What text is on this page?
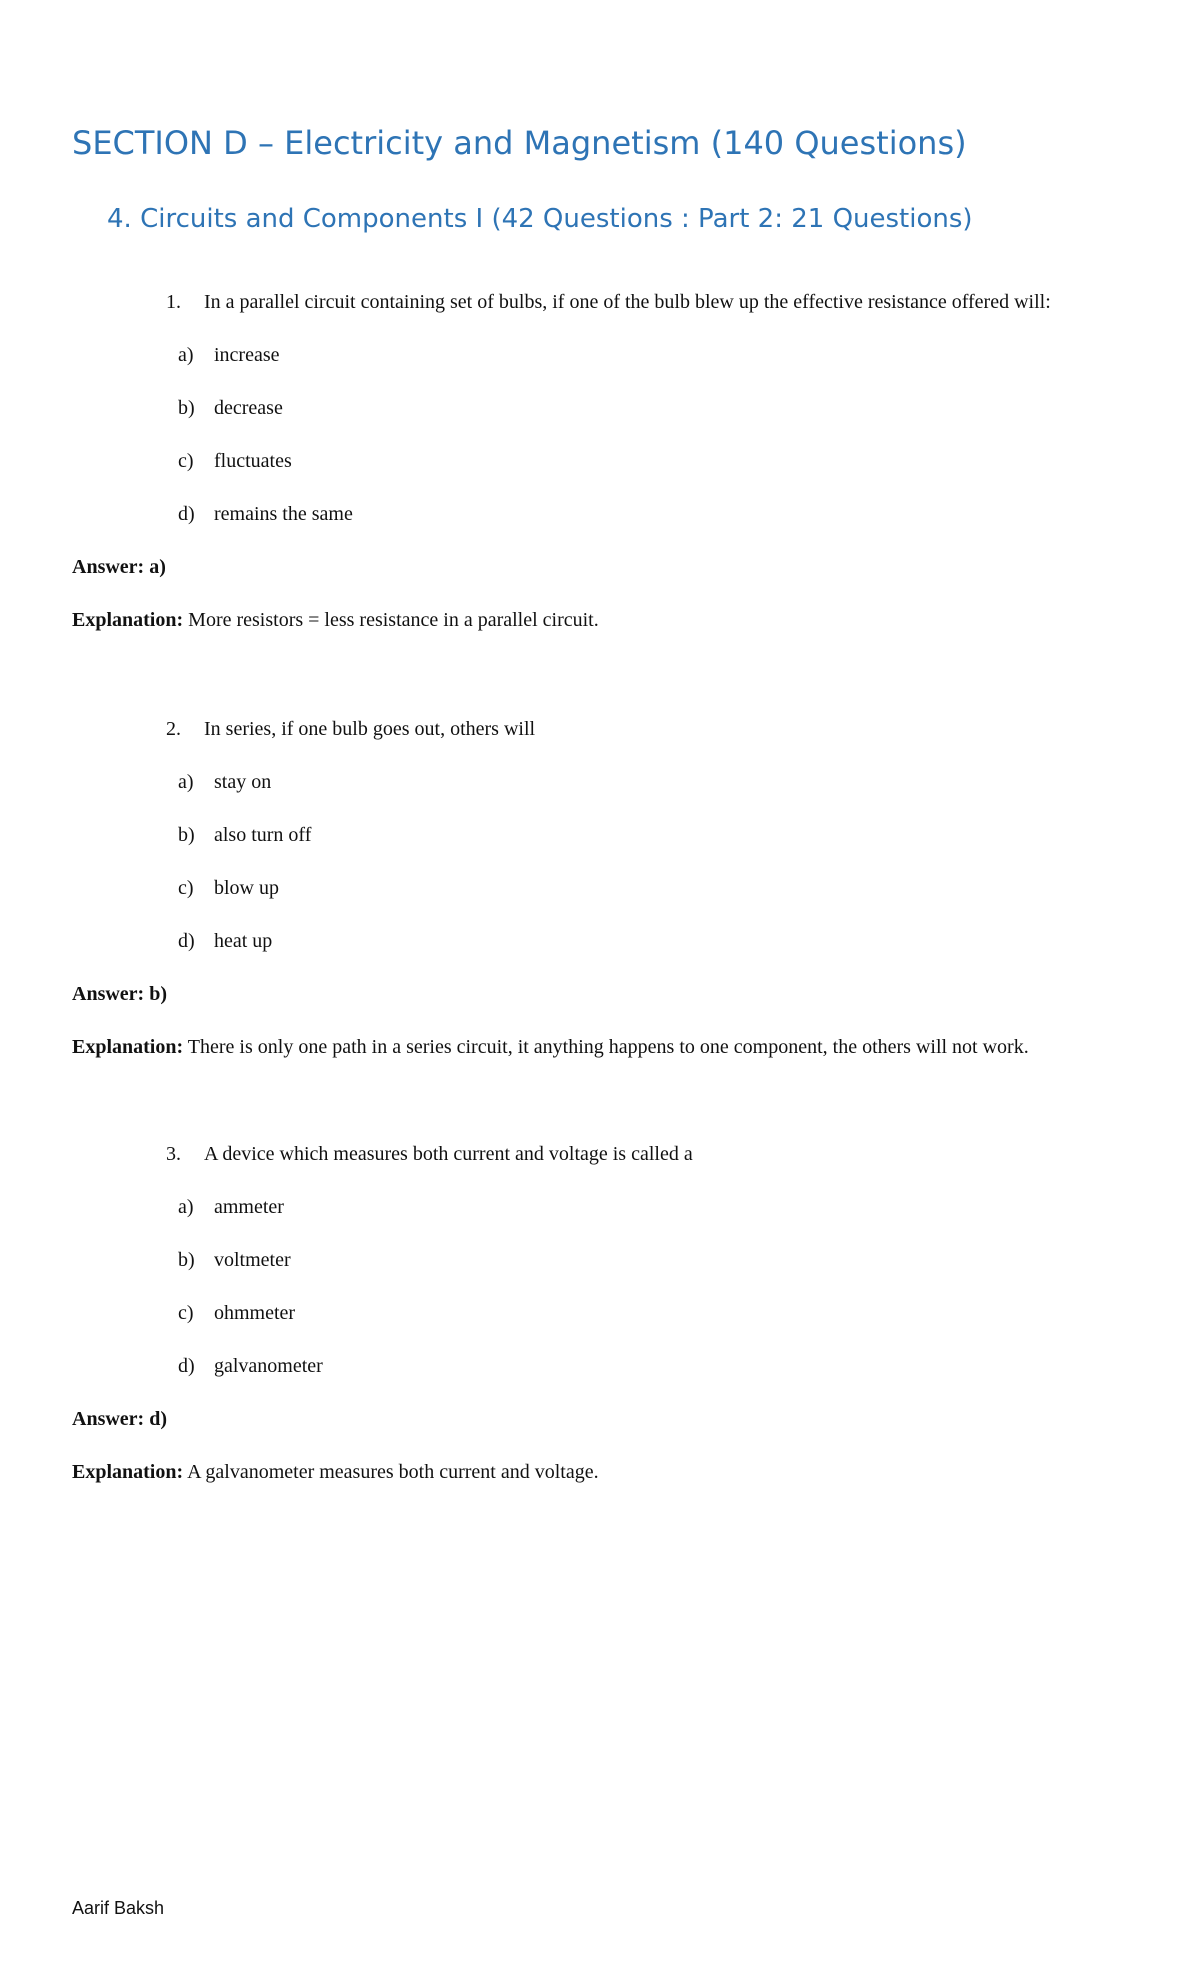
SECTION D – Electricity and Magnetism (140 Questions)
4. Circuits and Components I (42 Questions : Part 2: 21 Questions)
1. In a parallel circuit containing set of bulbs, if one of the bulb blew up the effective resistance offered will:
a) increase
b) decrease
c) fluctuates
d) remains the same
Answer: a)
Explanation: More resistors = less resistance in a parallel circuit.
2. In series, if one bulb goes out, others will
a) stay on
b) also turn off
c) blow up
d) heat up
Answer: b)
Explanation: There is only one path in a series circuit, it anything happens to one component, the others will not work.
3. A device which measures both current and voltage is called a
a) ammeter
b) voltmeter
c) ohmmeter
d) galvanometer
Answer: d)
Explanation: A galvanometer measures both current and voltage.
Aarif Baksh
